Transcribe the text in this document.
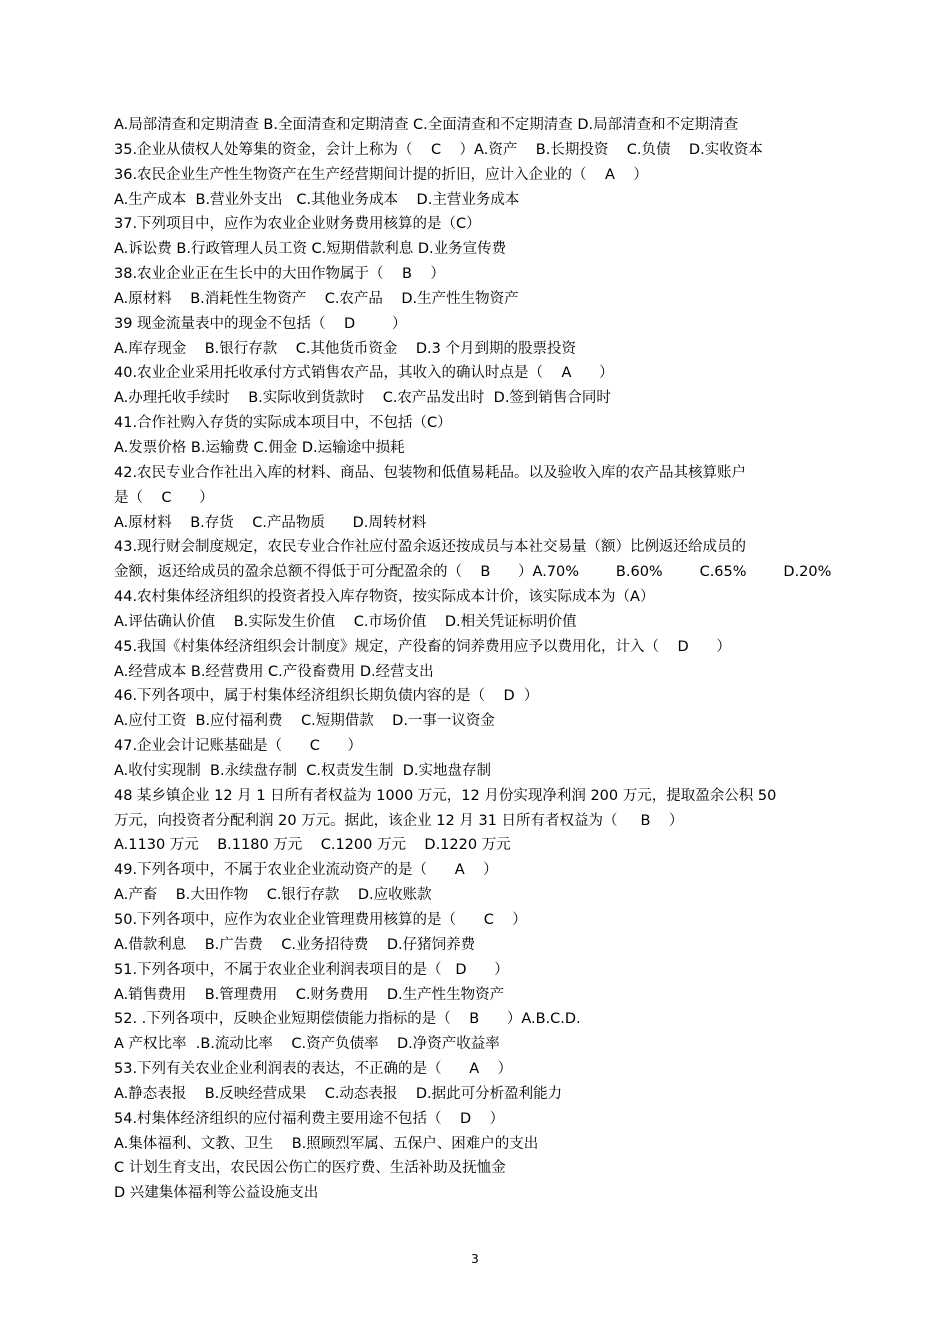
A.局部清查和定期清查 B.全面清查和定期清查 C.全面清查和不定期清查 D.局部清查和不定期清查
35.企业从债权人处筹集的资金，会计上称为（    C    ）A.资产    B.长期投资    C.负债    D.实收资本
36.农民企业生产性生物资产在生产经营期间计提的折旧，应计入企业的（    A    ）
A.生产成本  B.营业外支出   C.其他业务成本    D.主营业务成本
37.下列项目中，应作为农业企业财务费用核算的是（C）
A.诉讼费 B.行政管理人员工资 C.短期借款利息 D.业务宣传费
38.农业企业正在生长中的大田作物属于（    B    ）
A.原材料    B.消耗性生物资产    C.农产品    D.生产性生物资产
39 现金流量表中的现金不包括（    D        ）
A.库存现金    B.银行存款    C.其他货币资金    D.3 个月到期的股票投资
40.农业企业采用托收承付方式销售农产品，其收入的确认时点是（    A      ）
A.办理托收手续时    B.实际收到货款时    C.农产品发出时  D.签到销售合同时
41.合作社购入存货的实际成本项目中，不包括（C）
A.发票价格 B.运输费 C.佣金 D.运输途中损耗
42.农民专业合作社出入库的材料、商品、包装物和低值易耗品。以及验收入库的农产品其核算账户
是（    C      ）
A.原材料    B.存货    C.产品物质      D.周转材料
43.现行财会制度规定，农民专业合作社应付盈余返还按成员与本社交易量（额）比例返还给成员的
金额，返还给成员的盈余总额不得低于可分配盈余的（    B      ）A.70%        B.60%        C.65%        D.20%
44.农村集体经济组织的投资者投入库存物资，按实际成本计价，该实际成本为（A）
A.评估确认价值    B.实际发生价值    C.市场价值    D.相关凭证标明价值
45.我国《村集体经济组织会计制度》规定，产役畜的饲养费用应予以费用化，计入（    D      ）
A.经营成本 B.经营费用 C.产役畜费用 D.经营支出
46.下列各项中，属于村集体经济组织长期负债内容的是（    D  ）
A.应付工资  B.应付福利费    C.短期借款    D.一事一议资金
47.企业会计记账基础是（      C      ）
A.收付实现制  B.永续盘存制  C.权责发生制  D.实地盘存制
48 某乡镇企业 12 月 1 日所有者权益为 1000 万元，12 月份实现净利润 200 万元，提取盈余公积 50
万元，向投资者分配利润 20 万元。据此，该企业 12 月 31 日所有者权益为（     B    ）
A.1130 万元    B.1180 万元    C.1200 万元    D.1220 万元
49.下列各项中，不属于农业企业流动资产的是（      A    ）
A.产畜    B.大田作物    C.银行存款    D.应收账款
50.下列各项中，应作为农业企业管理费用核算的是（      C    ）
A.借款利息    B.广告费    C.业务招待费    D.仔猪饲养费
51.下列各项中，不属于农业企业利润表项目的是（   D      ）
A.销售费用    B.管理费用    C.财务费用    D.生产性生物资产
52. .下列各项中，反映企业短期偿债能力指标的是（    B      ）A.B.C.D.
A 产权比率  .B.流动比率    C.资产负债率    D.净资产收益率
53.下列有关农业企业利润表的表达，不正确的是（      A    ）
A.静态表报    B.反映经营成果    C.动态表报    D.据此可分析盈利能力
54.村集体经济组织的应付福利费主要用途不包括（    D    ）
A.集体福利、文教、卫生    B.照顾烈军属、五保户、困难户的支出
C 计划生育支出，农民因公伤亡的医疗费、生活补助及抚恤金
D 兴建集体福利等公益设施支出
3
